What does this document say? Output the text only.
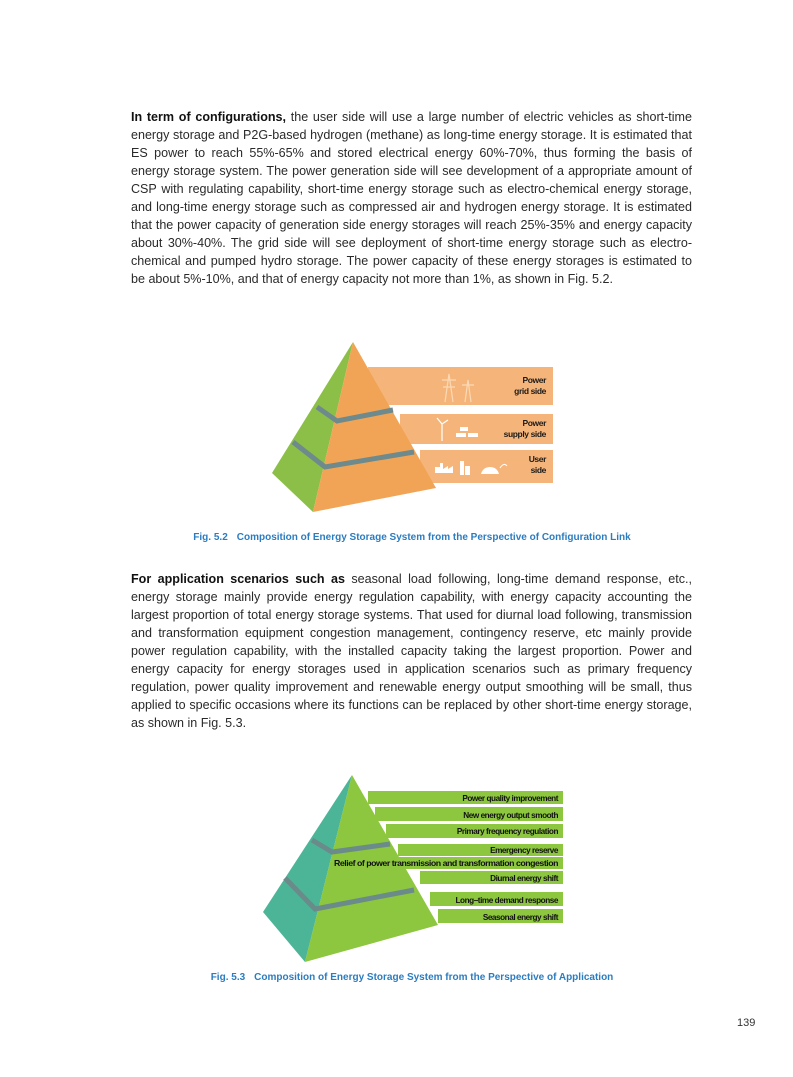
In term of configurations, the user side will use a large number of electric vehicles as short-time energy storage and P2G-based hydrogen (methane) as long-time energy storage. It is estimated that ES power to reach 55%-65% and stored electrical energy 60%-70%, thus forming the basis of energy storage system. The power generation side will see development of a appropriate amount of CSP with regulating capability, short-time energy storage such as electro-chemical energy storage, and long-time energy storage such as compressed air and hydrogen energy storage. It is estimated that the power capacity of generation side energy storages will reach 25%-35% and energy capacity about 30%-40%. The grid side will see deployment of short-time energy storage such as electro-chemical and pumped hydro storage. The power capacity of these energy storages is estimated to be about 5%-10%, and that of energy capacity not more than 1%, as shown in Fig. 5.2.
Power
grid side
Power
supply side
User
side
Power quality improvement
New energy output smooth
Primary frequency regulation
Emergency reserve
Relief of power transmission and transformation congestion
Diurnal energy shift
Long–time demand response
Seasonal energy shift
Fig. 5.2 Composition of Energy Storage System from the Perspective of Configuration Link
For application scenarios such as seasonal load following, long-time demand response, etc., energy storage mainly provide energy regulation capability, with energy capacity accounting the largest proportion of total energy storage systems. That used for diurnal load following, transmission and transformation equipment congestion management, contingency reserve, etc mainly provide power regulation capability, with the installed capacity taking the largest proportion. Power and energy capacity for energy storages used in application scenarios such as primary frequency regulation, power quality improvement and renewable energy output smoothing will be small, thus applied to specific occasions where its functions can be replaced by other short-time energy storage, as shown in Fig. 5.3.
Fig. 5.3 Composition of Energy Storage System from the Perspective of Application
139
